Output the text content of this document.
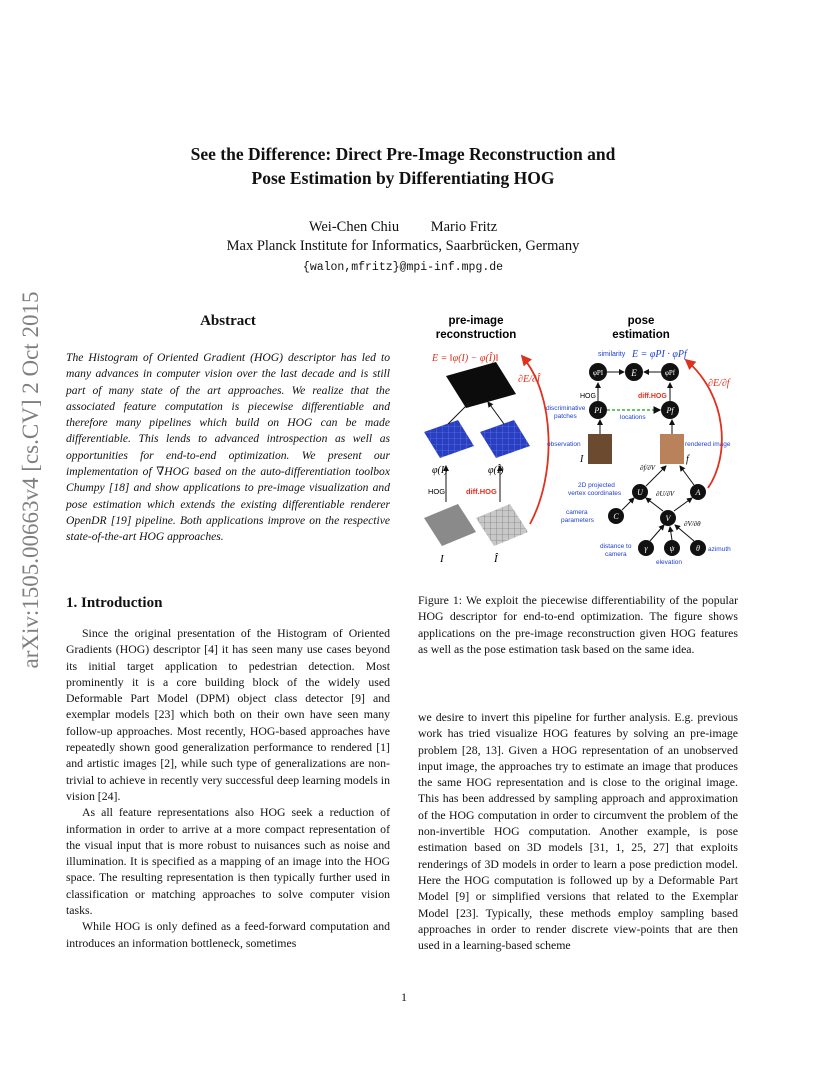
arXiv:1505.00663v4 [cs.CV] 2 Oct 2015
See the Difference: Direct Pre-Image Reconstruction and
Pose Estimation by Differentiating HOG
Wei-Chen Chiu Mario Fritz
Max Planck Institute for Informatics, Saarbrücken, Germany
{walon,mfritz}@mpi-inf.mpg.de
Abstract
The Histogram of Oriented Gradient (HOG) descriptor has led to many advances in computer vision over the last decade and is still part of many state of the art approaches. We realize that the associated feature computation is piecewise differentiable and therefore many pipelines which build on HOG can be made differentiable. This lends to advanced introspection as well as opportunities for end-to-end optimization. We present our implementation of ∇HOG based on the auto-differentiation toolbox Chumpy [18] and show applications to pre-image visualization and pose estimation which extends the existing differentiable renderer OpenDR [19] pipeline. Both applications improve on the respective state-of-the-art HOG approaches.
1. Introduction

Since the original presentation of the Histogram of Oriented Gradients (HOG) descriptor [4] it has seen many use cases beyond its initial target application to pedestrian detection. Most prominently it is a core building block of the widely used Deformable Part Model (DPM) object class detector [9] and exemplar models [23] which both on their own have seen many follow-up approaches. Most recently, HOG-based approaches have repeatedly shown good generalization performance to rendered [1] and artistic images [2], while such type of generalizations are non-trivial to achieve in recently very successful deep learning models in vision [24].

As all feature representations also HOG seek a reduction of information in order to arrive at a more compact representation of the visual input that is more robust to nuisances such as noise and illumination. It is specified as a mapping of an image into the HOG space. The resulting representation is then typically further used in classification or matching approaches to solve computer vision tasks.

While HOG is only defined as a feed-forward computation and introduces an information bottleneck, sometimes

pre-image
reconstruction
E = ‖φ(I) − φ(Î)‖
∂E/∂Î
φ(I)	φ(Î)
HOG	diff.HOG
I	Î
pose
estimation
similarity E = φPI · φPf
∂E/∂f
φPI	E	φPf
HOG	diff.HOG
PI	Pf
discriminative patches	locations
observation	rendered image
I	f
∂f/∂V
U	A
2D projected vertex coordinates	∂U/∂V
C	V
camera parameters	∂V/∂θ
γ	ψ	θ
distance to camera
elevation
azimuth
Figure 1: We exploit the piecewise differentiability of the popular HOG descriptor for end-to-end optimization. The figure shows applications on the pre-image reconstruction given HOG features as well as the pose estimation task based on the same idea.

we desire to invert this pipeline for further analysis. E.g. previous work has tried visualize HOG features by solving an pre-image problem [28, 13]. Given a HOG representation of an unobserved input image, the approaches try to estimate an image that produces the same HOG representation and is close to the original image. This has been addressed by sampling approach and approximation of the HOG computation in order to circumvent the problem of the non-invertible HOG computation. Another example, is pose estimation based on 3D models [31, 1, 25, 27] that exploits renderings of 3D models in order to learn a pose prediction model. Here the HOG computation is followed up by a Deformable Part Model [9] or simplified versions that related to the Exemplar Model [23]. Typically, these methods employ sampling based approaches in order to render discrete view-points that are then used in a learning-based scheme

1
